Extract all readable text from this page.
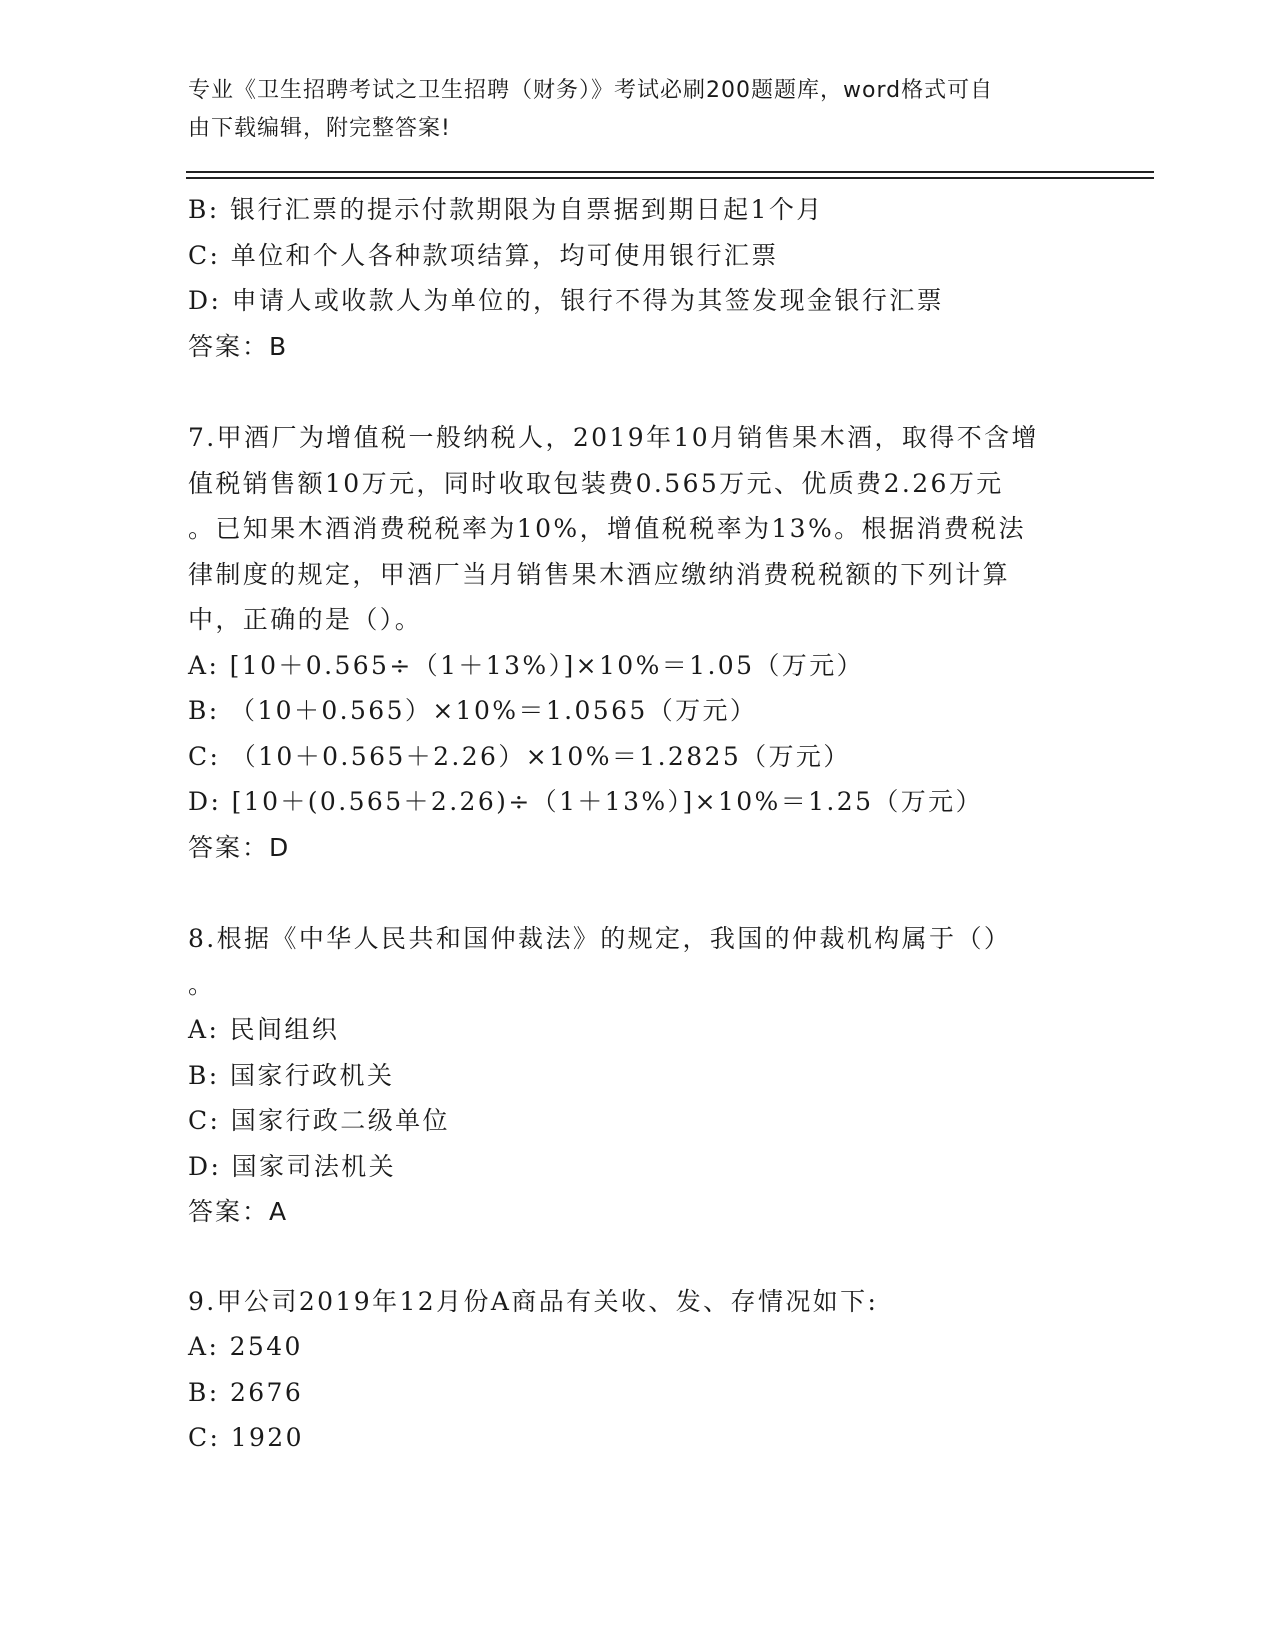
专业《卫生招聘考试之卫生招聘（财务）》考试必刷200题题库，word格式可自
由下载编辑，附完整答案!
B: 银行汇票的提示付款期限为自票据到期日起1个月
C: 单位和个人各种款项结算，均可使用银行汇票
D: 申请人或收款人为单位的，银行不得为其签发现金银行汇票
答案：B
7.甲酒厂为增值税一般纳税人，2019年10月销售果木酒，取得不含增
值税销售额10万元，同时收取包装费0.565万元、优质费2.26万元
。已知果木酒消费税税率为10%，增值税税率为13%。根据消费税法
律制度的规定，甲酒厂当月销售果木酒应缴纳消费税税额的下列计算
中，正确的是（）。
A: [10＋0.565÷（1＋13%）]×10%＝1.05（万元）
B: （10＋0.565）×10%＝1.0565（万元）
C: （10＋0.565＋2.26）×10%＝1.2825（万元）
D: [10＋(0.565＋2.26)÷（1＋13%）]×10%＝1.25（万元）
答案：D
8.根据《中华人民共和国仲裁法》的规定，我国的仲裁机构属于（）
。
A: 民间组织
B: 国家行政机关
C: 国家行政二级单位
D: 国家司法机关
答案：A
9.甲公司2019年12月份A商品有关收、发、存情况如下:
A: 2540
B: 2676
C: 1920
